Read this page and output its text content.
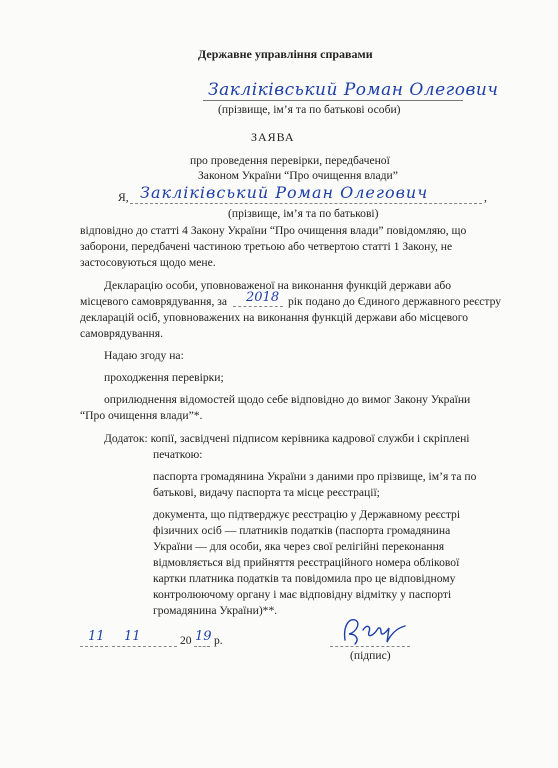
Державне управління справами
Закліківський Роман Олегович
(прізвище, ім’я та по батькові особи)
ЗАЯВА
про проведення перевірки, передбаченої
Законом України “Про очищення влади”
Я, Закліківський Роман Олегович	,
(прізвище, ім’я та по батькові)
відповідно до статті 4 Закону України “Про очищення влади” повідомляю, що
заборони, передбачені частиною третьою або четвертою статті 1 Закону, не
застосовуються щодо мене.
Декларацію особи, уповноваженої на виконання функцій держави або
місцевого самоврядування, за 2018 рік подано до Єдиного державного реєстру
декларацій осіб, уповноважених на виконання функцій держави або місцевого
самоврядування.
Надаю згоду на:
проходження перевірки;
оприлюднення відомостей щодо себе відповідно до вимог Закону України
“Про очищення влади”*.
Додаток: копії, засвідчені підписом керівника кадрової служби і скріплені
печаткою:
паспорта громадянина України з даними про прізвище, ім’я та по
батькові, видачу паспорта та місце реєстрації;
документа, що підтверджує реєстрацію у Державному реєстрі
фізичних осіб — платників податків (паспорта громадянина
України — для особи, яка через свої релігійні переконання
відмовляється від прийняття реєстраційного номера облікової
картки платника податків та повідомила про це відповідному
контролюючому органу і має відповідну відмітку у паспорті
громадянина України)**.
11 11	20 19 р.
(підпис)
